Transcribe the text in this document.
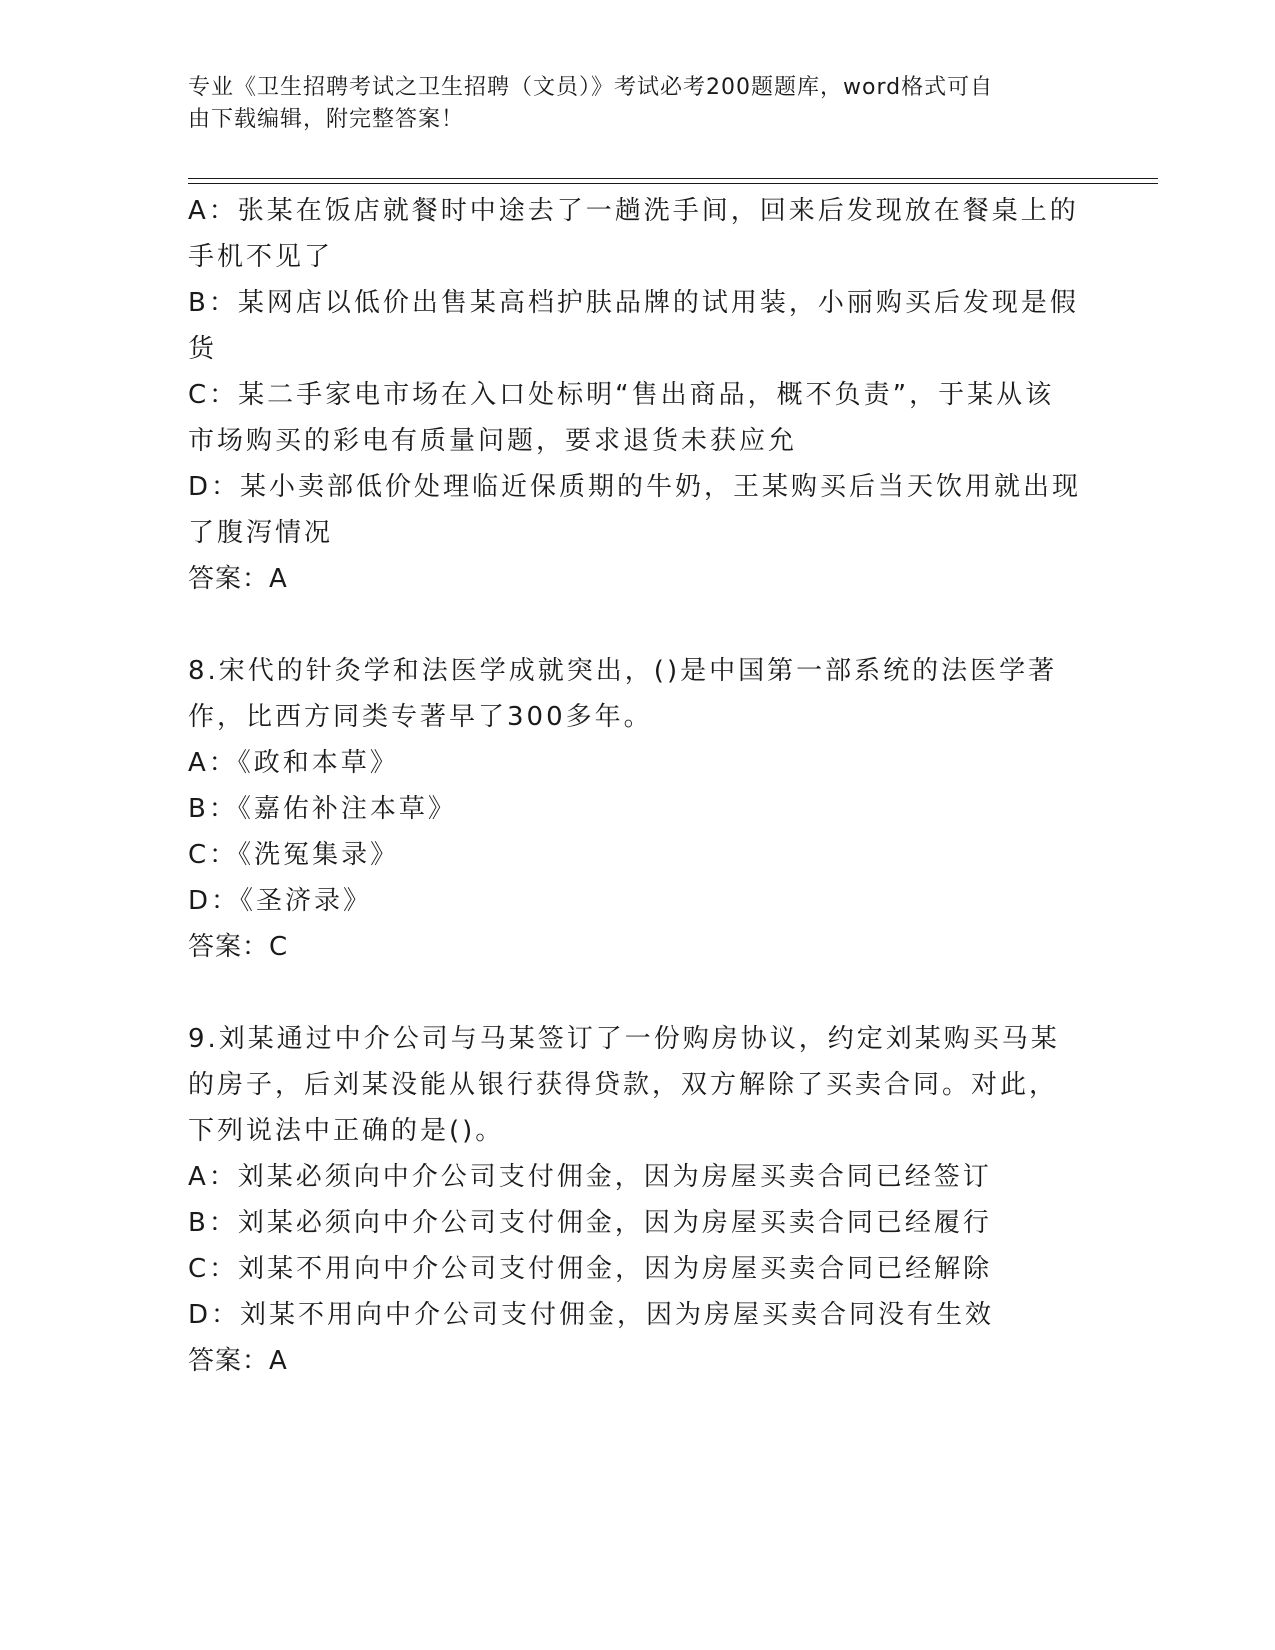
专业《卫生招聘考试之卫生招聘（文员）》考试必考200题题库，word格式可自
由下载编辑，附完整答案！
A：张某在饭店就餐时中途去了一趟洗手间，回来后发现放在餐桌上的
手机不见了
B：某网店以低价出售某高档护肤品牌的试用装，小丽购买后发现是假
货
C：某二手家电市场在入口处标明“售出商品，概不负责”，于某从该
市场购买的彩电有质量问题，要求退货未获应允
D：某小卖部低价处理临近保质期的牛奶，王某购买后当天饮用就出现
了腹泻情况
答案：A
8.宋代的针灸学和法医学成就突出，()是中国第一部系统的法医学著
作，比西方同类专著早了300多年。
A：《政和本草》
B：《嘉佑补注本草》
C：《洗冤集录》
D：《圣济录》
答案：C
9.刘某通过中介公司与马某签订了一份购房协议，约定刘某购买马某
的房子，后刘某没能从银行获得贷款，双方解除了买卖合同。对此，
下列说法中正确的是()。
A：刘某必须向中介公司支付佣金，因为房屋买卖合同已经签订
B：刘某必须向中介公司支付佣金，因为房屋买卖合同已经履行
C：刘某不用向中介公司支付佣金，因为房屋买卖合同已经解除
D：刘某不用向中介公司支付佣金，因为房屋买卖合同没有生效
答案：A
